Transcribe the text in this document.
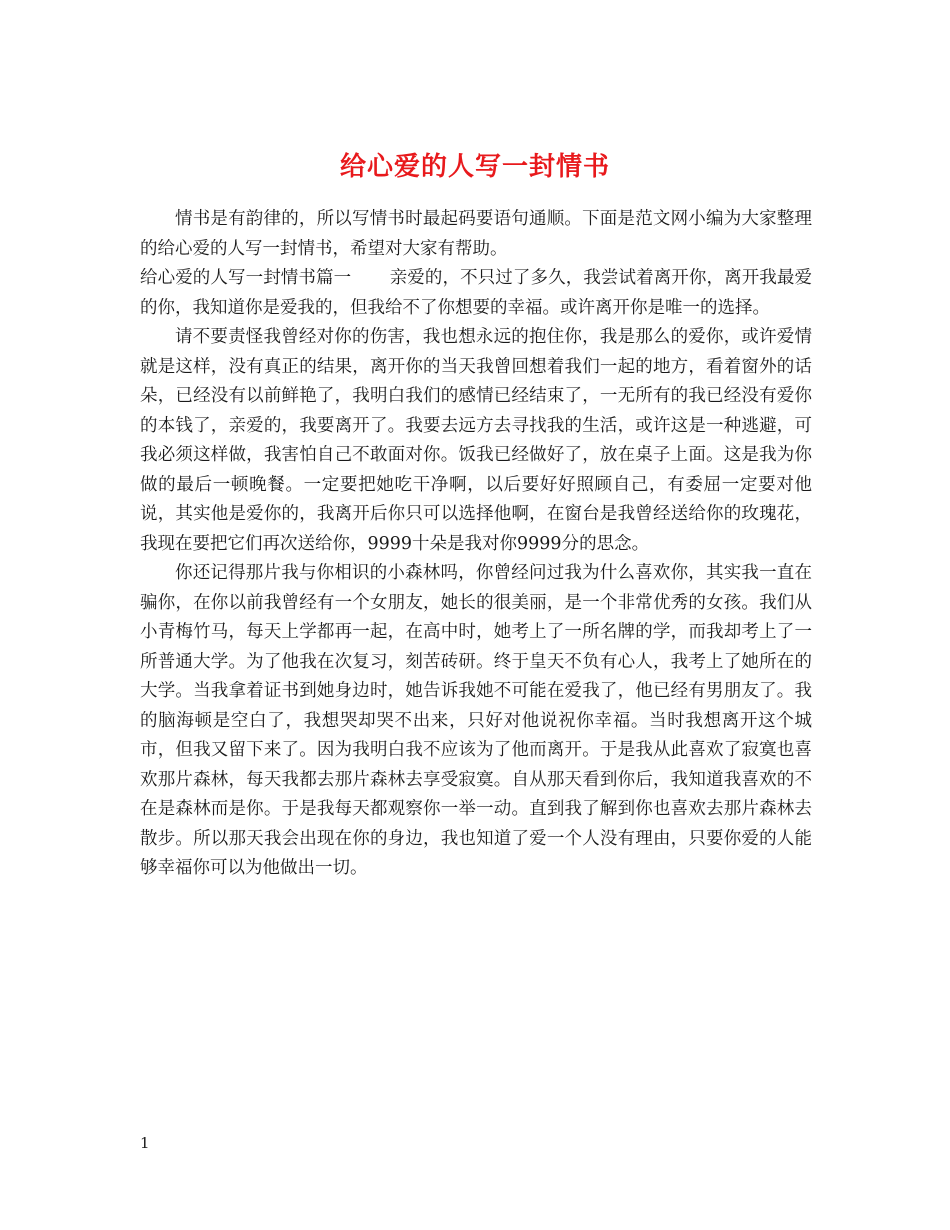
给心爱的人写一封情书

情书是有韵律的，所以写情书时最起码要语句通顺。下面是范文网小编为大家整理的给心爱的人写一封情书，希望对大家有帮助。

给心爱的人写一封情书篇一 亲爱的，不只过了多久，我尝试着离开你，离开我最爱的你，我知道你是爱我的，但我给不了你想要的幸福。或许离开你是唯一的选择。

请不要责怪我曾经对你的伤害，我也想永远的抱住你，我是那么的爱你，或许爱情就是这样，没有真正的结果，离开你的当天我曾回想着我们一起的地方，看着窗外的话朵，已经没有以前鲜艳了，我明白我们的感情已经结束了，一无所有的我已经没有爱你的本钱了，亲爱的，我要离开了。我要去远方去寻找我的生活，或许这是一种逃避，可我必须这样做，我害怕自己不敢面对你。饭我已经做好了，放在桌子上面。这是我为你做的最后一顿晚餐。一定要把她吃干净啊，以后要好好照顾自己，有委屈一定要对他说，其实他是爱你的，我离开后你只可以选择他啊，在窗台是我曾经送给你的玫瑰花，我现在要把它们再次送给你，9999十朵是我对你9999分的思念。

你还记得那片我与你相识的小森林吗，你曾经问过我为什么喜欢你，其实我一直在骗你，在你以前我曾经有一个女朋友，她长的很美丽，是一个非常优秀的女孩。我们从小青梅竹马，每天上学都再一起，在高中时，她考上了一所名牌的学，而我却考上了一所普通大学。为了他我在次复习，刻苦砖研。终于皇天不负有心人，我考上了她所在的大学。当我拿着证书到她身边时，她告诉我她不可能在爱我了，他已经有男朋友了。我的脑海顿是空白了，我想哭却哭不出来，只好对他说祝你幸福。当时我想离开这个城市，但我又留下来了。因为我明白我不应该为了他而离开。于是我从此喜欢了寂寞也喜欢那片森林，每天我都去那片森林去享受寂寞。自从那天看到你后，我知道我喜欢的不在是森林而是你。于是我每天都观察你一举一动。直到我了解到你也喜欢去那片森林去散步。所以那天我会出现在你的身边，我也知道了爱一个人没有理由，只要你爱的人能够幸福你可以为他做出一切。

1
